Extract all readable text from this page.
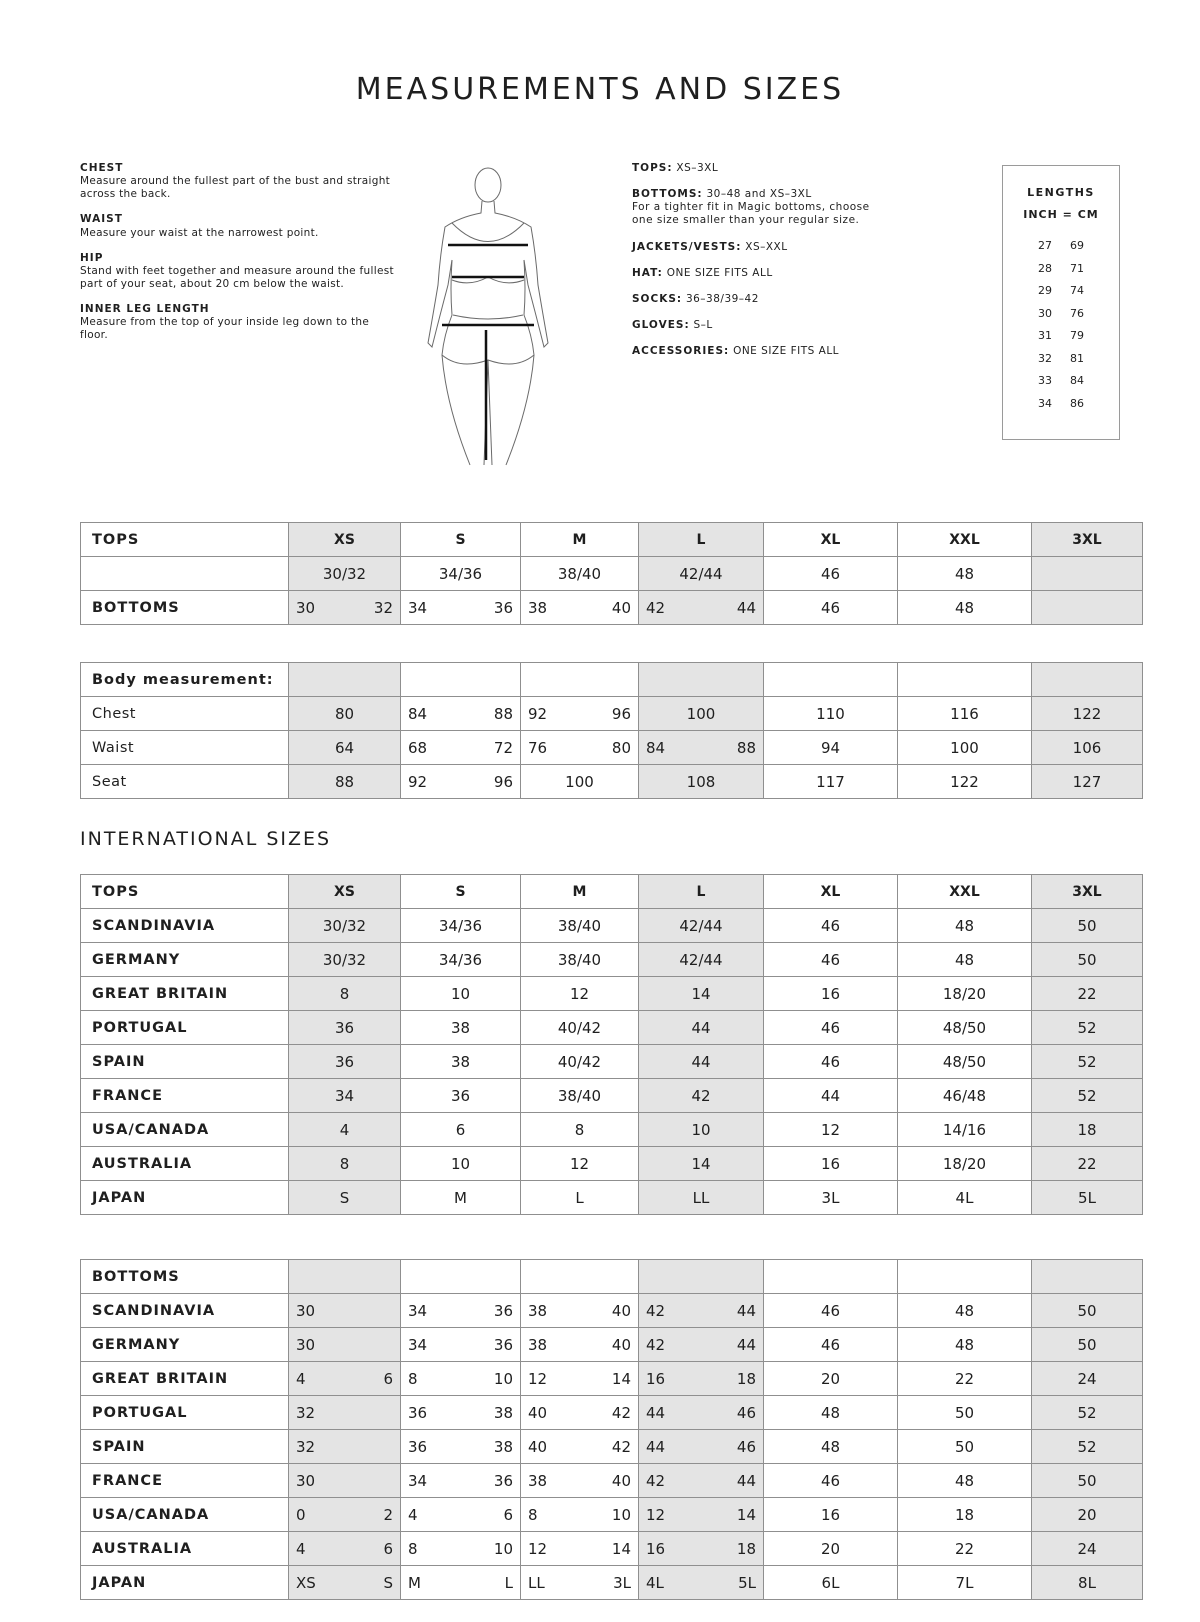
MEASUREMENTS AND SIZES
CHEST
Measure around the fullest part of the bust and straight across the back.
WAIST
Measure your waist at the narrowest point.
HIP
Stand with feet together and measure around the fullest part of your seat, about 20 cm below the waist.
INNER LEG LENGTH
Measure from the top of your inside leg down to the floor.
TOPS: XS–3XL
BOTTOMS: 30–48 and XS–3XL
For a tighter fit in Magic bottoms, choose one size smaller than your regular size.
JACKETS/VESTS: XS–XXL
HAT: ONE SIZE FITS ALL
SOCKS: 36–38/39–42
GLOVES: S–L
ACCESSORIES: ONE SIZE FITS ALL
LENGTHS
INCH = CM
27	69
28	71
29	74
30	76
31	79
32	81
33	84
34	86
TOPS	XS	S	M	L	XL	XXL	3XL
	30/32	34/36	38/40	42/44	46	48	
BOTTOMS	30 32	34 36	38 40	42 44	46	48	
Body measurement:							
Chest	80	84 88	92 96	100	110	116	122
Waist	64	68 72	76 80	84 88	94	100	106
Seat	88	92 96	100	108	117	122	127
INTERNATIONAL SIZES
TOPS	XS	S	M	L	XL	XXL	3XL
SCANDINAVIA	30/32	34/36	38/40	42/44	46	48	50
GERMANY	30/32	34/36	38/40	42/44	46	48	50
GREAT BRITAIN	8	10	12	14	16	18/20	22
PORTUGAL	36	38	40/42	44	46	48/50	52
SPAIN	36	38	40/42	44	46	48/50	52
FRANCE	34	36	38/40	42	44	46/48	52
USA/CANADA	4	6	8	10	12	14/16	18
AUSTRALIA	8	10	12	14	16	18/20	22
JAPAN	S	M	L	LL	3L	4L	5L
BOTTOMS							
SCANDINAVIA	30	34 36	38 40	42 44	46	48	50
GERMANY	30	34 36	38 40	42 44	46	48	50
GREAT BRITAIN	4 6	8 10	12 14	16 18	20	22	24
PORTUGAL	32	36 38	40 42	44 46	48	50	52
SPAIN	32	36 38	40 42	44 46	48	50	52
FRANCE	30	34 36	38 40	42 44	46	48	50
USA/CANADA	0 2	4 6	8 10	12 14	16	18	20
AUSTRALIA	4 6	8 10	12 14	16 18	20	22	24
JAPAN	XS S	M L	LL 3L	4L 5L	6L	7L	8L
